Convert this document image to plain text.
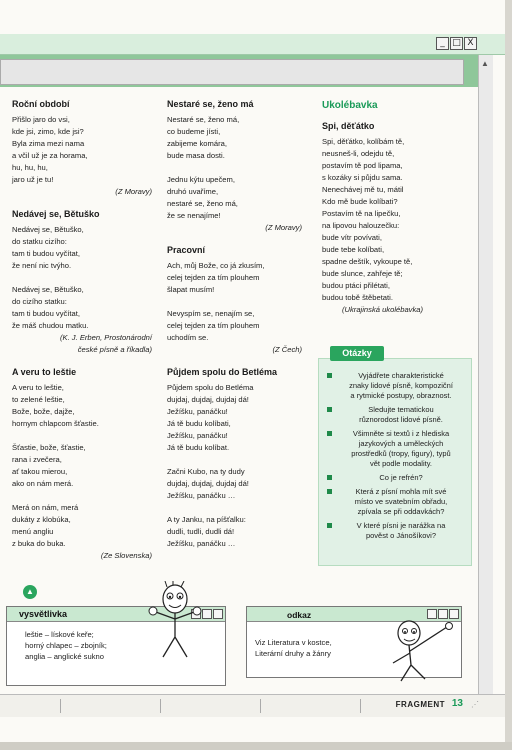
_ □ X
▲
Roční období
Přišlo jaro do vsi,
kde jsi, zimo, kde jsi?
Byla zima mezi nama
a včil už je za horama,
hu, hu, hu,
jaro už je tu!
(Z Moravy)
Nedávej se, Bětuško
Nedávej se, Bětuško,
do statku cizího:
tam ti budou vyčítat,
že není nic tvýho.
Nedávej se, Bětuško,
do cizího statku:
tam ti budou vyčítat,
že máš chudou matku.
(K. J. Erben, Prostonárodní
české písně a říkadla)
A veru to leštie
A veru to leštie,
to zelené leštie,
Bože, bože, dajže,
hornym chlapcom šťastie.
Šťastie, bože, šťastie,
rana i zvečera,
ať takou mierou,
ako on nám merá.
Merá on nám, merá
dukáty z klobúka,
menú angliu
z buka do buka.
(Ze Slovenska)
Nestaré se, ženo má
Nestaré se, ženo má,
co budeme jísti,
zabijeme komára,
bude masa dosti.
Jednu kýtu upečem,
druhó uvaříme,
nestaré se, ženo má,
že se nenajíme!
(Z Moravy)
Pracovní
Ach, můj Bože, co já zkusím,
celej tejden za tím plouhem
šlapat musím!
Nevyspím se, nenajím se,
celej tejden za tím plouhem
uchodím se.
(Z Čech)
Půjdem spolu do Betléma
Půjdem spolu do Betléma
dujdaj, dujdaj, dujdaj dá!
Ježíšku, panáčku!
Já tě budu kolíbati,
Ježíšku, panáčku!
Já tě budu kolíbat.
Začni Kubo, na ty dudy
dujdaj, dujdaj, dujdaj dá!
Ježíšku, panáčku …
A ty Janku, na píšťalku:
dudli, tudli, dudli dá!
Ježíšku, panáčku …
Ukolébavka
Spi, děťátko
Spi, děťátko, kolíbám tě,
neusneš-li, odejdu tě,
postavím tě pod lipama,
s kozáky si půjdu sama.
Nenechávej mě tu, mátil
Kdo mě bude kolíbati?
Postavím tě na lipečku,
na lipovou halouzečku:
bude vítr povívati,
bude tebe kolíbati,
spadne deštík, vykoupe tě,
bude slunce, zahřeje tě;
budou ptáci přilétati,
budou tobě štěbetati.
(Ukrajinská ukolébavka)
Vyjádřete charakteristické
znaky lidové písně, kompoziční
a rytmické postupy, obraznost.
Sledujte tematickou
různorodost lidové písně.
Všimněte si textů i z hlediska
jazykových a uměleckých
prostředků (tropy, figury), typů
vět podle modality.
Co je refrén?
Která z písní mohla mít své
místo ve svatebním obřadu,
zpívala se při oddavkách?
V které písni je narážka na
pověst o Jánošíkovi?
Otázky
▲
vysvětlivka
leštie – lískové keře;
horný chlapec – zbojník;
anglia – anglické sukno
odkaz
Viz Literatura v kostce,
Literární druhy a žánry
FRAGMENT 13 ⋰
